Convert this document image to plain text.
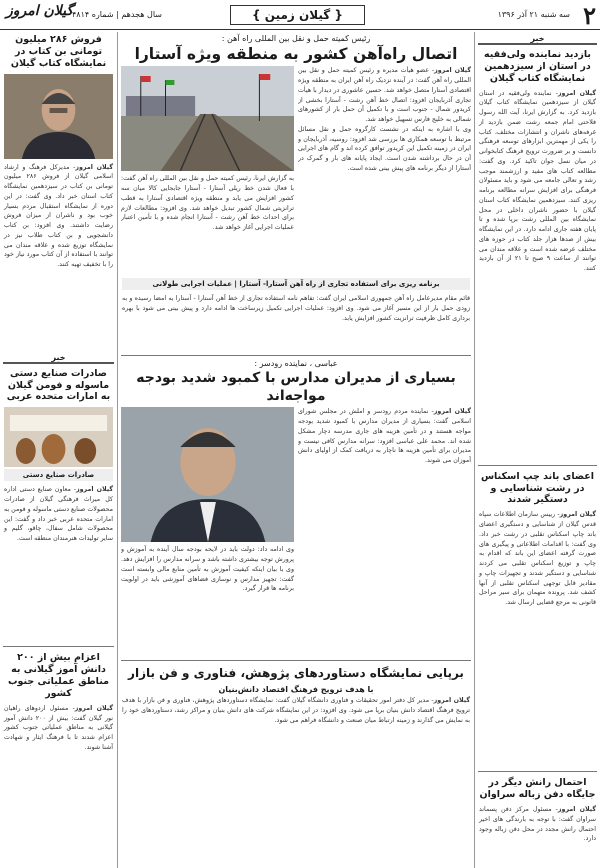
۲
سه شنبه ۲۱ آذر ۱۳۹۶
{ گیلان زمین }
سال هجدهم | شماره ۴۸۱۴
گیلان امروز
خبر
بازدید نماینده ولی‌فقیه در استان از سیزدهمین نمایشگاه کتاب گیلان
گیلان امروز- نماینده ولی‌فقیه در استان گیلان از سیزدهمین نمایشگاه کتاب گیلان بازدید کرد. به گزارش ایرنا، آیت الله رسول فلاحتی امام جمعه رشت ضمن بازدید از غرفه‌های ناشران و انتشارات مختلف، کتاب را یکی از مهمترین ابزارهای توسعه فرهنگی دانست و بر ضرورت ترویج فرهنگ کتابخوانی در میان نسل جوان تاکید کرد. وی گفت: مطالعه کتاب های مفید و ارزشمند موجب رشد و تعالی جامعه می شود و باید مسئولان فرهنگی برای افزایش سرانه مطالعه برنامه ریزی کنند. سیزدهمین نمایشگاه کتاب استان گیلان با حضور ناشران داخلی در محل نمایشگاه بین المللی رشت برپا شده و تا پایان هفته جاری ادامه دارد. در این نمایشگاه بیش از صدها هزار جلد کتاب در حوزه های مختلف عرضه شده است و علاقه مندان می توانند از ساعت ۹ صبح تا ۲۱ از آن بازدید کنند.
اعضای باند چپ اسکناس در رشت شناسایی و دستگیر شدند
گیلان امروز- رییس سازمان اطلاعات سپاه قدس گیلان از شناسایی و دستگیری اعضای باند چاپ اسکناس تقلبی در رشت خبر داد. وی گفت: با اقدامات اطلاعاتی و پیگیری های صورت گرفته اعضای این باند که اقدام به چاپ و توزیع اسکناس تقلبی می کردند شناسایی و دستگیر شدند و تجهیزات چاپ و مقادیر قابل توجهی اسکناس تقلبی از آنها کشف شد. پرونده متهمان برای سیر مراحل قانونی به مرجع قضایی ارسال شد.
احتمال رانش دیگر در جایگاه دفن زباله سراوان
گیلان امروز- مسئول مرکز دفن پسماند سراوان گفت: با توجه به بارندگی های اخیر احتمال رانش مجدد در محل دفن زباله وجود دارد.
رئیس کمیته حمل و نقل بین المللی راه آهن :
اتصال راه‌آهن کشور به منطقه ویژه آستارا
گیلان امروز- عضو هیأت مدیره و رئیس کمیته حمل و نقل بین المللی راه آهن گفت: در آینده نزدیک راه آهن ایران به منطقه ویژه اقتصادی آستارا متصل خواهد شد. حسین عاشوری در دیدار با هیأت تجاری آذربایجان افزود: اتصال خط آهن رشت - آستارا بخشی از کریدور شمال - جنوب است و با تکمیل آن حمل بار از کشورهای شمالی به خلیج فارس تسهیل خواهد شد.
وی با اشاره به اینکه در نشست کارگروه حمل و نقل مسائل مرتبط با توسعه همکاری ها بررسی شد افزود: روسیه، آذربایجان و ایران در زمینه تکمیل این کریدور توافق کرده اند و گام های اجرایی آن در حال برداشته شدن است. ایجاد پایانه های بار و گمرک در آستارا از دیگر برنامه های پیش بینی شده است.
به گزارش ایرنا، رئیس کمیته حمل و نقل بین المللی راه آهن گفت: با فعال شدن خط ریلی آستارا - آستارا جابجایی کالا میان سه کشور افزایش می یابد و منطقه ویژه اقتصادی آستارا به قطب ترانزیتی شمال کشور تبدیل خواهد شد. وی افزود: مطالعات لازم برای احداث خط آهن رشت - آستارا انجام شده و با تأمین اعتبار عملیات اجرایی آغاز خواهد شد.
برنامه ریزی برای استفاده تجاری از راه آهن آستارا- آستارا | عملیات اجرایی طولانی
قائم مقام مدیرعامل راه آهن جمهوری اسلامی ایران گفت: تفاهم نامه استفاده تجاری از خط آهن آستارا - آستارا به امضا رسیده و به زودی حمل بار از این مسیر آغاز می شود. وی افزود: عملیات اجرایی تکمیل زیرساخت ها ادامه دارد و پیش بینی می شود با بهره برداری کامل ظرفیت ترانزیت کشور افزایش یابد.
عباسی ، نماینده رودسر :
بسیاری از مدیران مدارس با کمبود شدید بودجه مواجه‌اند
گیلان امروز- نماینده مردم رودسر و املش در مجلس شورای اسلامی گفت: بسیاری از مدیران مدارس با کمبود شدید بودجه مواجه هستند و در تأمین هزینه های جاری مدرسه دچار مشکل شده اند. محمد علی عباسی افزود: سرانه مدارس کافی نیست و مدیران برای تأمین هزینه ها ناچار به دریافت کمک از اولیای دانش آموزان می شوند.
وی ادامه داد: دولت باید در لایحه بودجه سال آینده به آموزش و پرورش توجه بیشتری داشته باشد و سرانه مدارس را افزایش دهد. وی با بیان اینکه کیفیت آموزش به تأمین منابع مالی وابسته است گفت: تجهیز مدارس و نوسازی فضاهای آموزشی باید در اولویت برنامه ها قرار گیرد.
برپایی نمایشگاه دستاوردهای پژوهش، فناوری و فن بازار
با هدف ترویج فرهنگ اقتصاد دانش‌بنیان
گیلان امروز- مدیر کل دفتر امور تحقیقات و فناوری دانشگاه گیلان گفت: نمایشگاه دستاوردهای پژوهش، فناوری و فن بازار با هدف ترویج فرهنگ اقتصاد دانش بنیان برپا می شود. وی افزود: در این نمایشگاه شرکت های دانش بنیان و مراکز رشد، دستاوردهای خود را به نمایش می گذارند و زمینه ارتباط میان صنعت و دانشگاه فراهم می شود.
فروش ۲۸۶ میلیون تومانی بن کتاب در نمایشگاه کتاب گیلان
گیلان امروز- مدیرکل فرهنگ و ارشاد اسلامی گیلان از فروش ۲۸۶ میلیون تومانی بن کتاب در سیزدهمین نمایشگاه کتاب استان خبر داد. وی گفت: در این دوره از نمایشگاه استقبال مردم بسیار خوب بود و ناشران از میزان فروش رضایت داشتند. وی افزود: بن کتاب دانشجویی و بن کتاب طلاب نیز در نمایشگاه توزیع شده و علاقه مندان می توانند با استفاده از آن کتاب مورد نیاز خود را با تخفیف تهیه کنند.
خبر
صادرات صنایع دستی ماسوله و فومن گیلان به امارات متحده عربی
صادرات صنایع دستی
گیلان امروز- معاون صنایع دستی اداره کل میراث فرهنگی گیلان از صادرات محصولات صنایع دستی ماسوله و فومن به امارات متحده عربی خبر داد و گفت: این محصولات شامل سفال، چاقو، گلیم و سایر تولیدات هنرمندان منطقه است.
اعزام بیش از ۲۰۰ دانش آموز گیلانی به مناطق عملیاتی جنوب کشور
گیلان امروز- مسئول اردوهای راهیان نور گیلان گفت: بیش از ۲۰۰ دانش آموز گیلانی به مناطق عملیاتی جنوب کشور اعزام شدند تا با فرهنگ ایثار و شهادت آشنا شوند.
